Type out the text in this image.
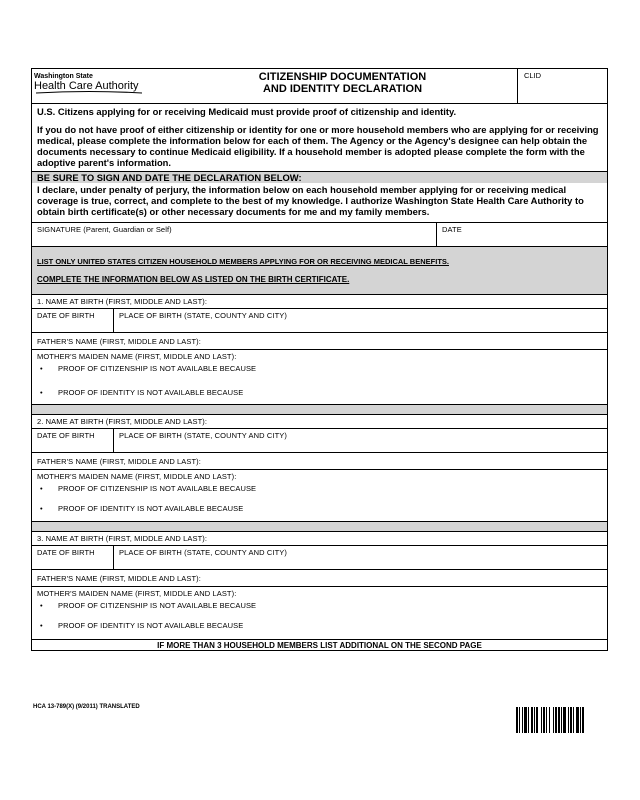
Washington State
Health Care Authority
CITIZENSHIP DOCUMENTATION
AND IDENTITY DECLARATION
CLID

U.S. Citizens applying for or receiving Medicaid must provide proof of citizenship and identity.

If you do not have proof of either citizenship or identity for one or more household members who are applying for or receiving medical, please complete the information below for each of them. The Agency or the Agency's designee can help obtain the documents necessary to continue Medicaid eligibility. If a household member is adopted please complete the form with the adoptive parent's information.

BE SURE TO SIGN AND DATE THE DECLARATION BELOW:
I declare, under penalty of perjury, the information below on each household member applying for or receiving medical coverage is true, correct, and complete to the best of my knowledge. I authorize Washington State Health Care Authority to obtain birth certificate(s) or other necessary documents for me and my family members.
SIGNATURE (Parent, Guardian or Self)	DATE
LIST ONLY UNITED STATES CITIZEN HOUSEHOLD MEMBERS APPLYING FOR OR RECEIVING MEDICAL BENEFITS.
COMPLETE THE INFORMATION BELOW AS LISTED ON THE BIRTH CERTIFICATE.
1. NAME AT BIRTH (FIRST, MIDDLE AND LAST):
DATE OF BIRTH	PLACE OF BIRTH (STATE, COUNTY AND CITY)
FATHER'S NAME (FIRST, MIDDLE AND LAST):
MOTHER'S MAIDEN NAME (FIRST, MIDDLE AND LAST):
• PROOF OF CITIZENSHIP IS NOT AVAILABLE BECAUSE
• PROOF OF IDENTITY IS NOT AVAILABLE BECAUSE
2. NAME AT BIRTH (FIRST, MIDDLE AND LAST):
DATE OF BIRTH	PLACE OF BIRTH (STATE, COUNTY AND CITY)
FATHER'S NAME (FIRST, MIDDLE AND LAST):
MOTHER'S MAIDEN NAME (FIRST, MIDDLE AND LAST):
• PROOF OF CITIZENSHIP IS NOT AVAILABLE BECAUSE
• PROOF OF IDENTITY IS NOT AVAILABLE BECAUSE
3. NAME AT BIRTH (FIRST, MIDDLE AND LAST):
DATE OF BIRTH	PLACE OF BIRTH (STATE, COUNTY AND CITY)
FATHER'S NAME (FIRST, MIDDLE AND LAST):
MOTHER'S MAIDEN NAME (FIRST, MIDDLE AND LAST):
• PROOF OF CITIZENSHIP IS NOT AVAILABLE BECAUSE
• PROOF OF IDENTITY IS NOT AVAILABLE BECAUSE
IF MORE THAN 3 HOUSEHOLD MEMBERS LIST ADDITIONAL ON THE SECOND PAGE
HCA 13-789(X) (9/2011) TRANSLATED
